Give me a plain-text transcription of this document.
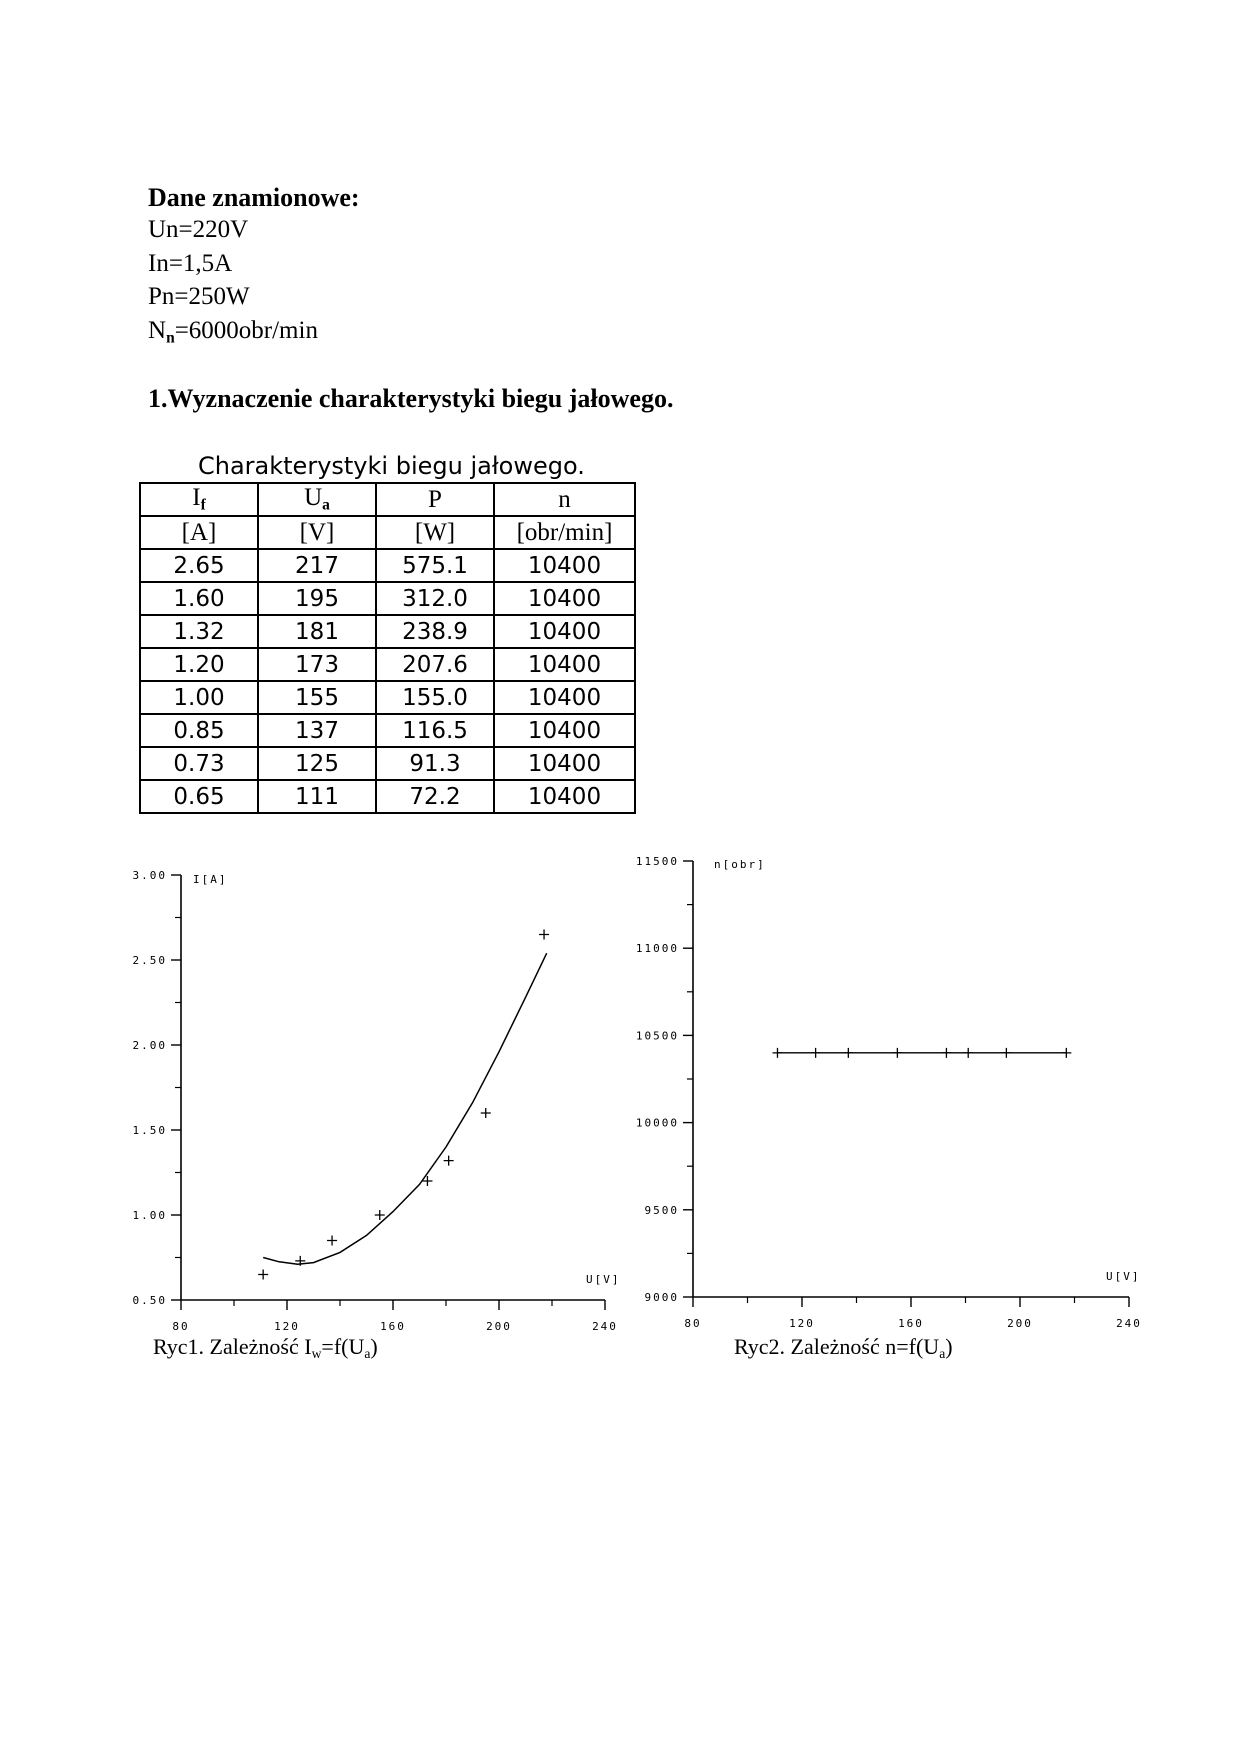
Dane znamionowe:
Un=220V
In=1,5A
Pn=250W
$N_n=6000obr/\min$
1.Wyznaczenie charakterystyki biegu jałowego.
Charakterystyki biegu jałowego.
$I_f$	$U_a$	P	n
[A]	[V]	[W]	[obr/min]
2.65	217	575.1	10400
1.60	195	312.0	10400
1.32	181	238.9	10400
1.20	173	207.6	10400
1.00	155	155.0	10400
0.85	137	116.5	10400
0.73	125	91.3	10400
0.65	111	72.2	10400
0.50
1.00
1.50
2.00
2.50
3.00
80	120	160	200	240
I[A]
U[V]
9000
9500
10000
10500
11000
11500
80	120	160	200	240
n[obr]
U[V]
Ryc1. Zależność $I_w=f(U_a)$	Ryc2. Zależność $n=f(U_a)$
